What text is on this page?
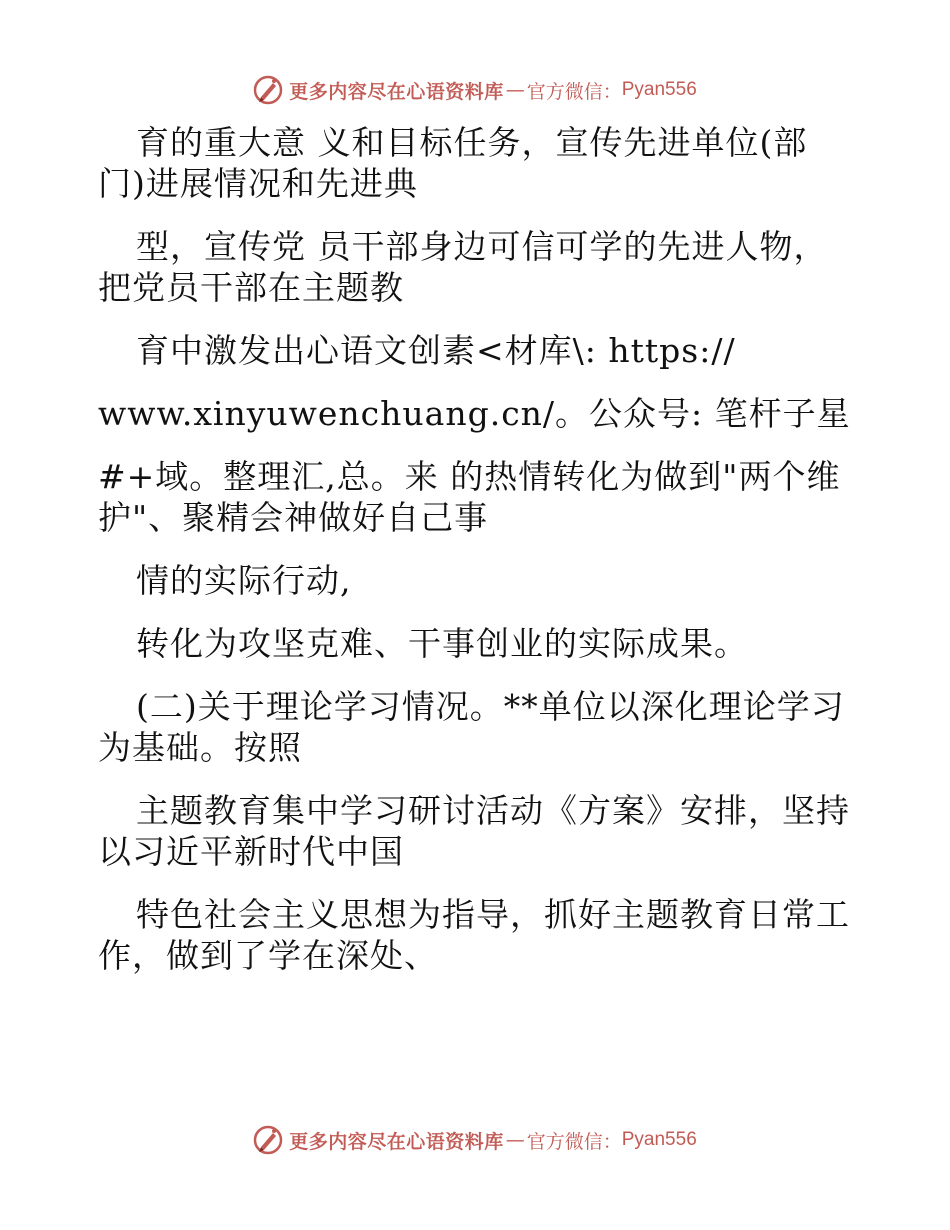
更多内容尽在心语资料库 — 官方微信： Pyan556
育的重大意 义和目标任务，宣传先进单位(部
门)进展情况和先进典
型，宣传党 员干部身边可信可学的先进人物，
把党员干部在主题教
育中激发出心语文创素<材库\: https://
www.xinyuwenchuang.cn/。公众号: 笔杆子星
#+域。整理汇,总。来 的热情转化为做到"两个维
护"、聚精会神做好自己事
情的实际行动,
转化为攻坚克难、干事创业的实际成果。
(二)关于理论学习情况。**单位以深化理论学习
为基础。按照
主题教育集中学习研讨活动《方案》安排，坚持
以习近平新时代中国
特色社会主义思想为指导，抓好主题教育日常工
作，做到了学在深处、
更多内容尽在心语资料库 — 官方微信： Pyan556
